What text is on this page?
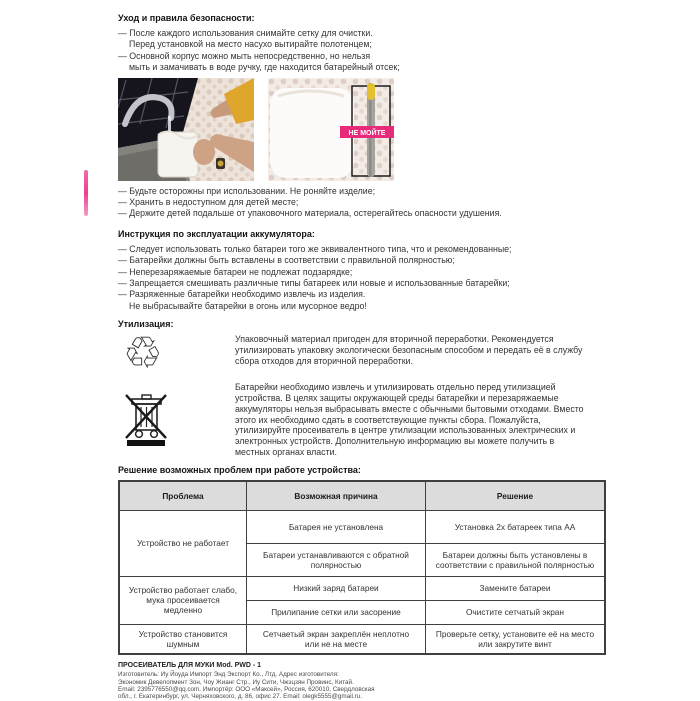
Уход и правила безопасности:
— После каждого использования снимайте сетку для очистки.
Перед установкой на место насухо вытирайте полотенцем;
— Основной корпус можно мыть непосредственно, но нельзя
мыть и замачивать в воде ручку, где находится батарейный отсек;
НЕ МОЙТЕ
— Будьте осторожны при использовании. Не роняйте изделие;
— Хранить в недоступном для детей месте;
— Держите детей подальше от упаковочного материала, остерегайтесь опасности удушения.
Инструкция по эксплуатации аккумулятора:
— Следует использовать только батареи того же эквивалентного типа, что и рекомендованные;
— Батарейки должны быть вставлены в соответствии с правильной полярностью;
— Неперезаряжаемые батареи не подлежат подзарядке;
— Запрещается смешивать различные типы батареек или новые и использованные батарейки;
— Разряженные батарейки необходимо извлечь из изделия.
Не выбрасывайте батарейки в огонь или мусорное ведро!
Утилизация:
♲	Упаковочный материал пригоден для вторичной переработки. Рекомендуется утилизировать упаковку экологически безопасным способом и передать её в службу сбора отходов для вторичной переработки.
Батарейки необходимо извлечь и утилизировать отдельно перед утилизацией устройства. В целях защиты окружающей среды батарейки и перезаряжаемые аккумуляторы нельзя выбрасывать вместе с обычными бытовыми отходами. Вместо этого их необходимо сдать в соответствующие пункты сбора. Пожалуйста, утилизируйте просеиватель в центре утилизации использованных электрических и электронных устройств. Дополнительную информацию вы можете получить в местных органах власти.
Решение возможных проблем при работе устройства:
Проблема	Возможная причина	Решение
Устройство не работает	Батарея не установлена	Установка 2х батареек типа АА
	Батареи устанавливаются с обратной полярностью	Батареи должны быть установлены в соответствии с правильной полярностью
Устройство работает слабо, мука просеивается медленно	Низкий заряд батареи	Замените батареи
	Прилипание сетки или засорение	Очистите сетчатый экран
Устройство становится шумным	Сетчаетый экран закреплён неплотно или не на месте	Проверьте сетку, установите её на место или закрутите винт
ПРОСЕИВАТЕЛЬ ДЛЯ МУКИ Mod. PWD - 1
Изготовитель: Иу Йоуда Импорт Энд Экспорт Ко., Лтд. Адрес изготовителя:
Экономик Девелопмент Зон, Чоу Жианг Стр., Иу Сити, Чжэцзян Провинс, Китай.
Email: 2395776550@qq.com. Импортёр: ООО «Максей», Россия, 620010, Свердловская
обл., г. Екатеринбург, ул. Черняховского, д. 86, офис 27. Email: olegk5555@gmail.ru.
